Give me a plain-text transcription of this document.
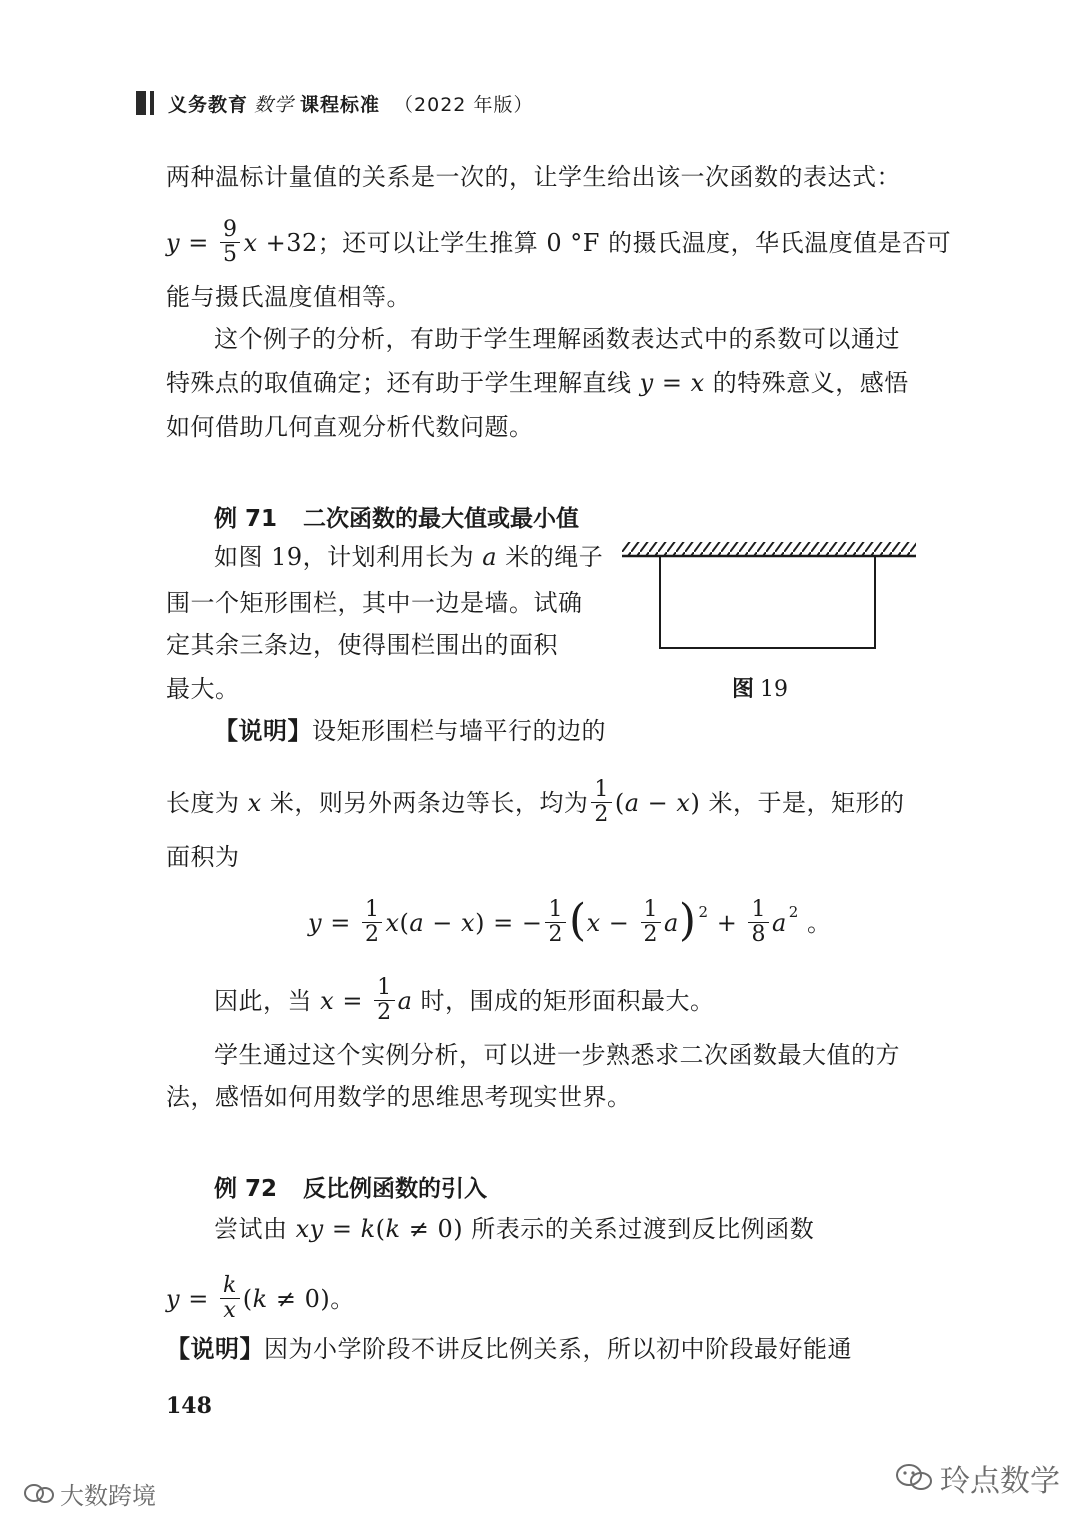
义务教育 数学 课程标准 （2022 年版）
两种温标计量值的关系是一次的，让学生给出该一次函数的表达式：
$y = \frac{9}{5}$ x +32；还可以让学生推算 0 °F 的摄氏温度，华氏温度值是否可
能与摄氏温度值相等。
这个例子的分析，有助于学生理解函数表达式中的系数可以通过
特殊点的取值确定；还有助于学生理解直线 y = x 的特殊意义，感悟
如何借助几何直观分析代数问题。
例 71 二次函数的最大值或最小值
如图 19，计划利用长为 a 米的绳子
围一个矩形围栏，其中一边是墙。试确
定其余三条边，使得围栏围出的面积
最大。	图 19
【说明】设矩形围栏与墙平行的边的
长度为 x 米，则另外两条边等长，均为 $\frac{1}{2} (a - x)$ 米，于是，矩形的
面积为
$y = \frac{1}{2} x(a - x)$ = − $\frac{1}{2} (x - \frac{1}{2} a) ^2 + \frac{1}{8}$ a $^2$ 。
因此，当 $x = \frac{1}{2}$ a 时，围成的矩形面积最大。
学生通过这个实例分析，可以进一步熟悉求二次函数最大值的方
法，感悟如何用数学的思维思考现实世界。
例 72 反比例函数的引入
尝试由 xy = k(k ≠ 0) 所表示的关系过渡到反比例函数
$y = \frac{k}{x} (k \ne 0)$。
【说明】因为小学阶段不讲反比例关系，所以初中阶段最好能通
148
大数跨境	玲点数学
